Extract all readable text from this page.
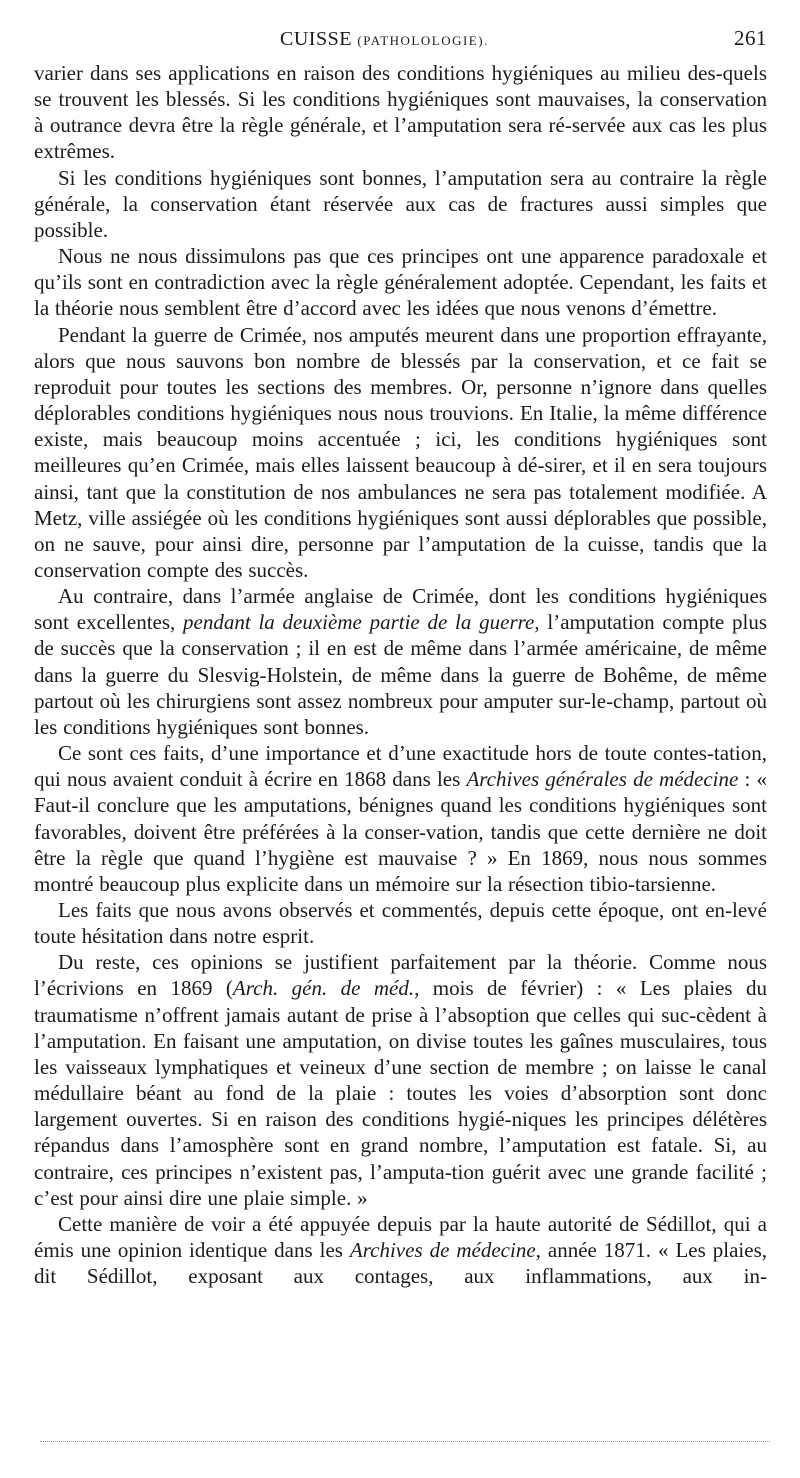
CUISSE (PATHOLOLOGIE).	261

varier dans ses applications en raison des conditions hygiéniques au milieu des-quels se trouvent les blessés. Si les conditions hygiéniques sont mauvaises, la conservation à outrance devra être la règle générale, et l’amputation sera ré-servée aux cas les plus extrêmes.

Si les conditions hygiéniques sont bonnes, l’amputation sera au contraire la règle générale, la conservation étant réservée aux cas de fractures aussi simples que possible.

Nous ne nous dissimulons pas que ces principes ont une apparence paradoxale et qu’ils sont en contradiction avec la règle généralement adoptée. Cependant, les faits et la théorie nous semblent être d’accord avec les idées que nous venons d’émettre.

Pendant la guerre de Crimée, nos amputés meurent dans une proportion effrayante, alors que nous sauvons bon nombre de blessés par la conservation, et ce fait se reproduit pour toutes les sections des membres. Or, personne n’ignore dans quelles déplorables conditions hygiéniques nous nous trouvions. En Italie, la même différence existe, mais beaucoup moins accentuée ; ici, les conditions hygiéniques sont meilleures qu’en Crimée, mais elles laissent beaucoup à dé-sirer, et il en sera toujours ainsi, tant que la constitution de nos ambulances ne sera pas totalement modifiée. A Metz, ville assiégée où les conditions hygiéniques sont aussi déplorables que possible, on ne sauve, pour ainsi dire, personne par l’amputation de la cuisse, tandis que la conservation compte des succès.

Au contraire, dans l’armée anglaise de Crimée, dont les conditions hygiéniques sont excellentes, pendant la deuxième partie de la guerre, l’amputation compte plus de succès que la conservation ; il en est de même dans l’armée américaine, de même dans la guerre du Slesvig-Holstein, de même dans la guerre de Bohême, de même partout où les chirurgiens sont assez nombreux pour amputer sur-le-champ, partout où les conditions hygiéniques sont bonnes.

Ce sont ces faits, d’une importance et d’une exactitude hors de toute contes-tation, qui nous avaient conduit à écrire en 1868 dans les Archives générales de médecine : « Faut-il conclure que les amputations, bénignes quand les conditions hygiéniques sont favorables, doivent être préférées à la conser-vation, tandis que cette dernière ne doit être la règle que quand l’hygiène est mauvaise ? » En 1869, nous nous sommes montré beaucoup plus explicite dans un mémoire sur la résection tibio-tarsienne.

Les faits que nous avons observés et commentés, depuis cette époque, ont en-levé toute hésitation dans notre esprit.

Du reste, ces opinions se justifient parfaitement par la théorie. Comme nous l’écrivions en 1869 (Arch. gén. de méd., mois de février) : « Les plaies du traumatisme n’offrent jamais autant de prise à l’absoption que celles qui suc-cèdent à l’amputation. En faisant une amputation, on divise toutes les gaînes musculaires, tous les vaisseaux lymphatiques et veineux d’une section de membre ; on laisse le canal médullaire béant au fond de la plaie : toutes les voies d’absorption sont donc largement ouvertes. Si en raison des conditions hygié-niques les principes délétères répandus dans l’amosphère sont en grand nombre, l’amputation est fatale. Si, au contraire, ces principes n’existent pas, l’amputa-tion guérit avec une grande facilité ; c’est pour ainsi dire une plaie simple. »

Cette manière de voir a été appuyée depuis par la haute autorité de Sédillot, qui a émis une opinion identique dans les Archives de médecine, année 1871. « Les plaies, dit Sédillot, exposant aux contages, aux inflammations, aux in-
